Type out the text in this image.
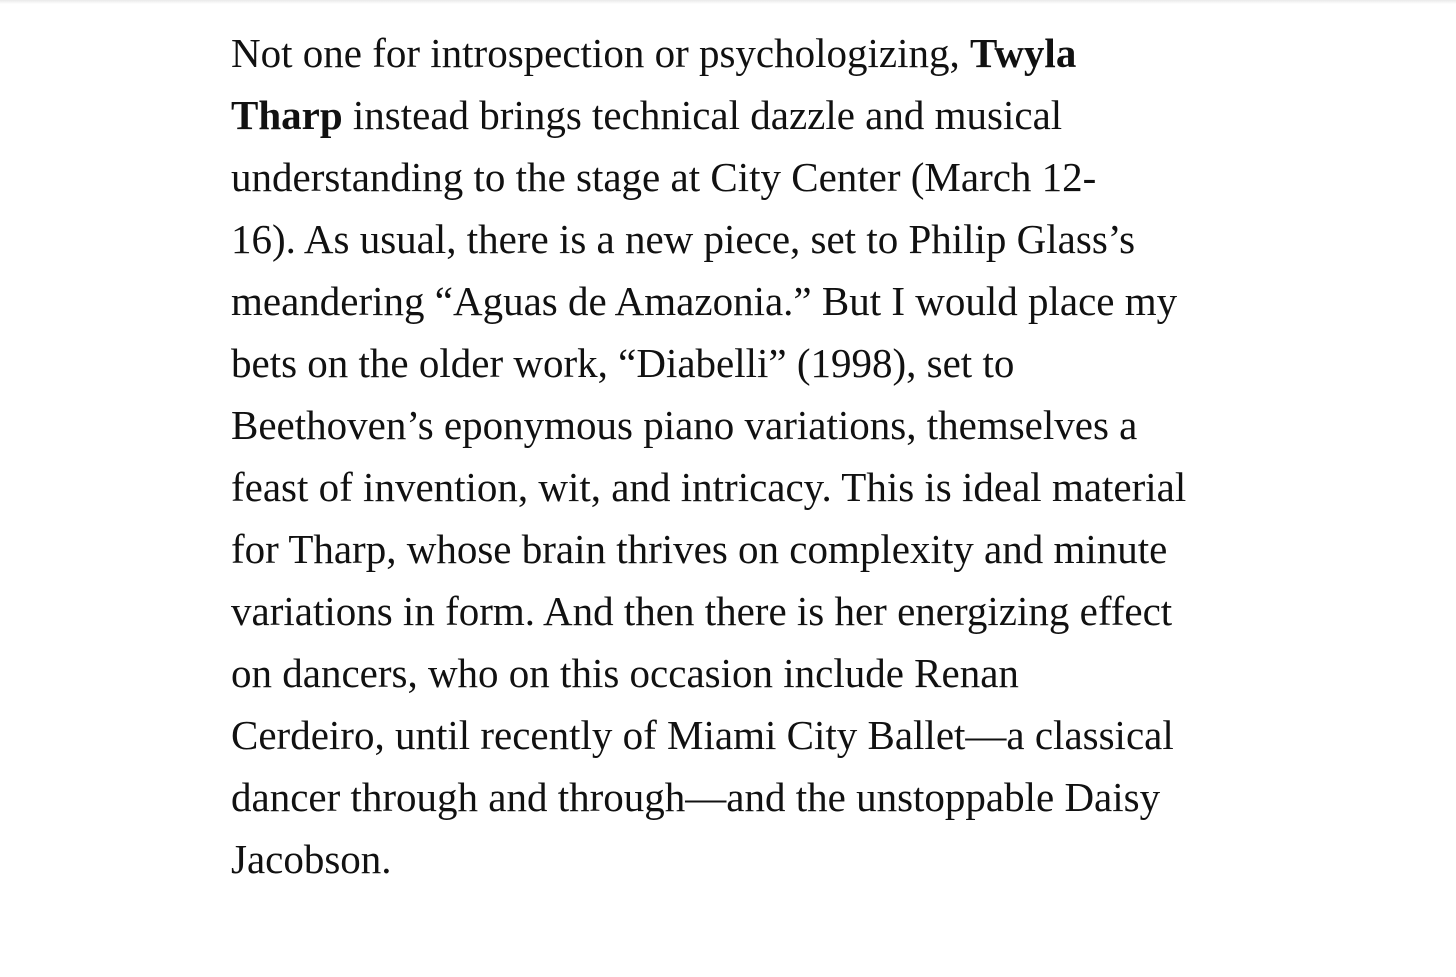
Not one for introspection or psychologizing, Twyla
Tharp instead brings technical dazzle and musical
understanding to the stage at City Center (March 12-
16). As usual, there is a new piece, set to Philip Glass’s
meandering “Aguas de Amazonia.” But I would place my
bets on the older work, “Diabelli” (1998), set to
Beethoven’s eponymous piano variations, themselves a
feast of invention, wit, and intricacy. This is ideal material
for Tharp, whose brain thrives on complexity and minute
variations in form. And then there is her energizing effect
on dancers, who on this occasion include Renan
Cerdeiro, until recently of Miami City Ballet—a classical
dancer through and through—and the unstoppable Daisy
Jacobson.
